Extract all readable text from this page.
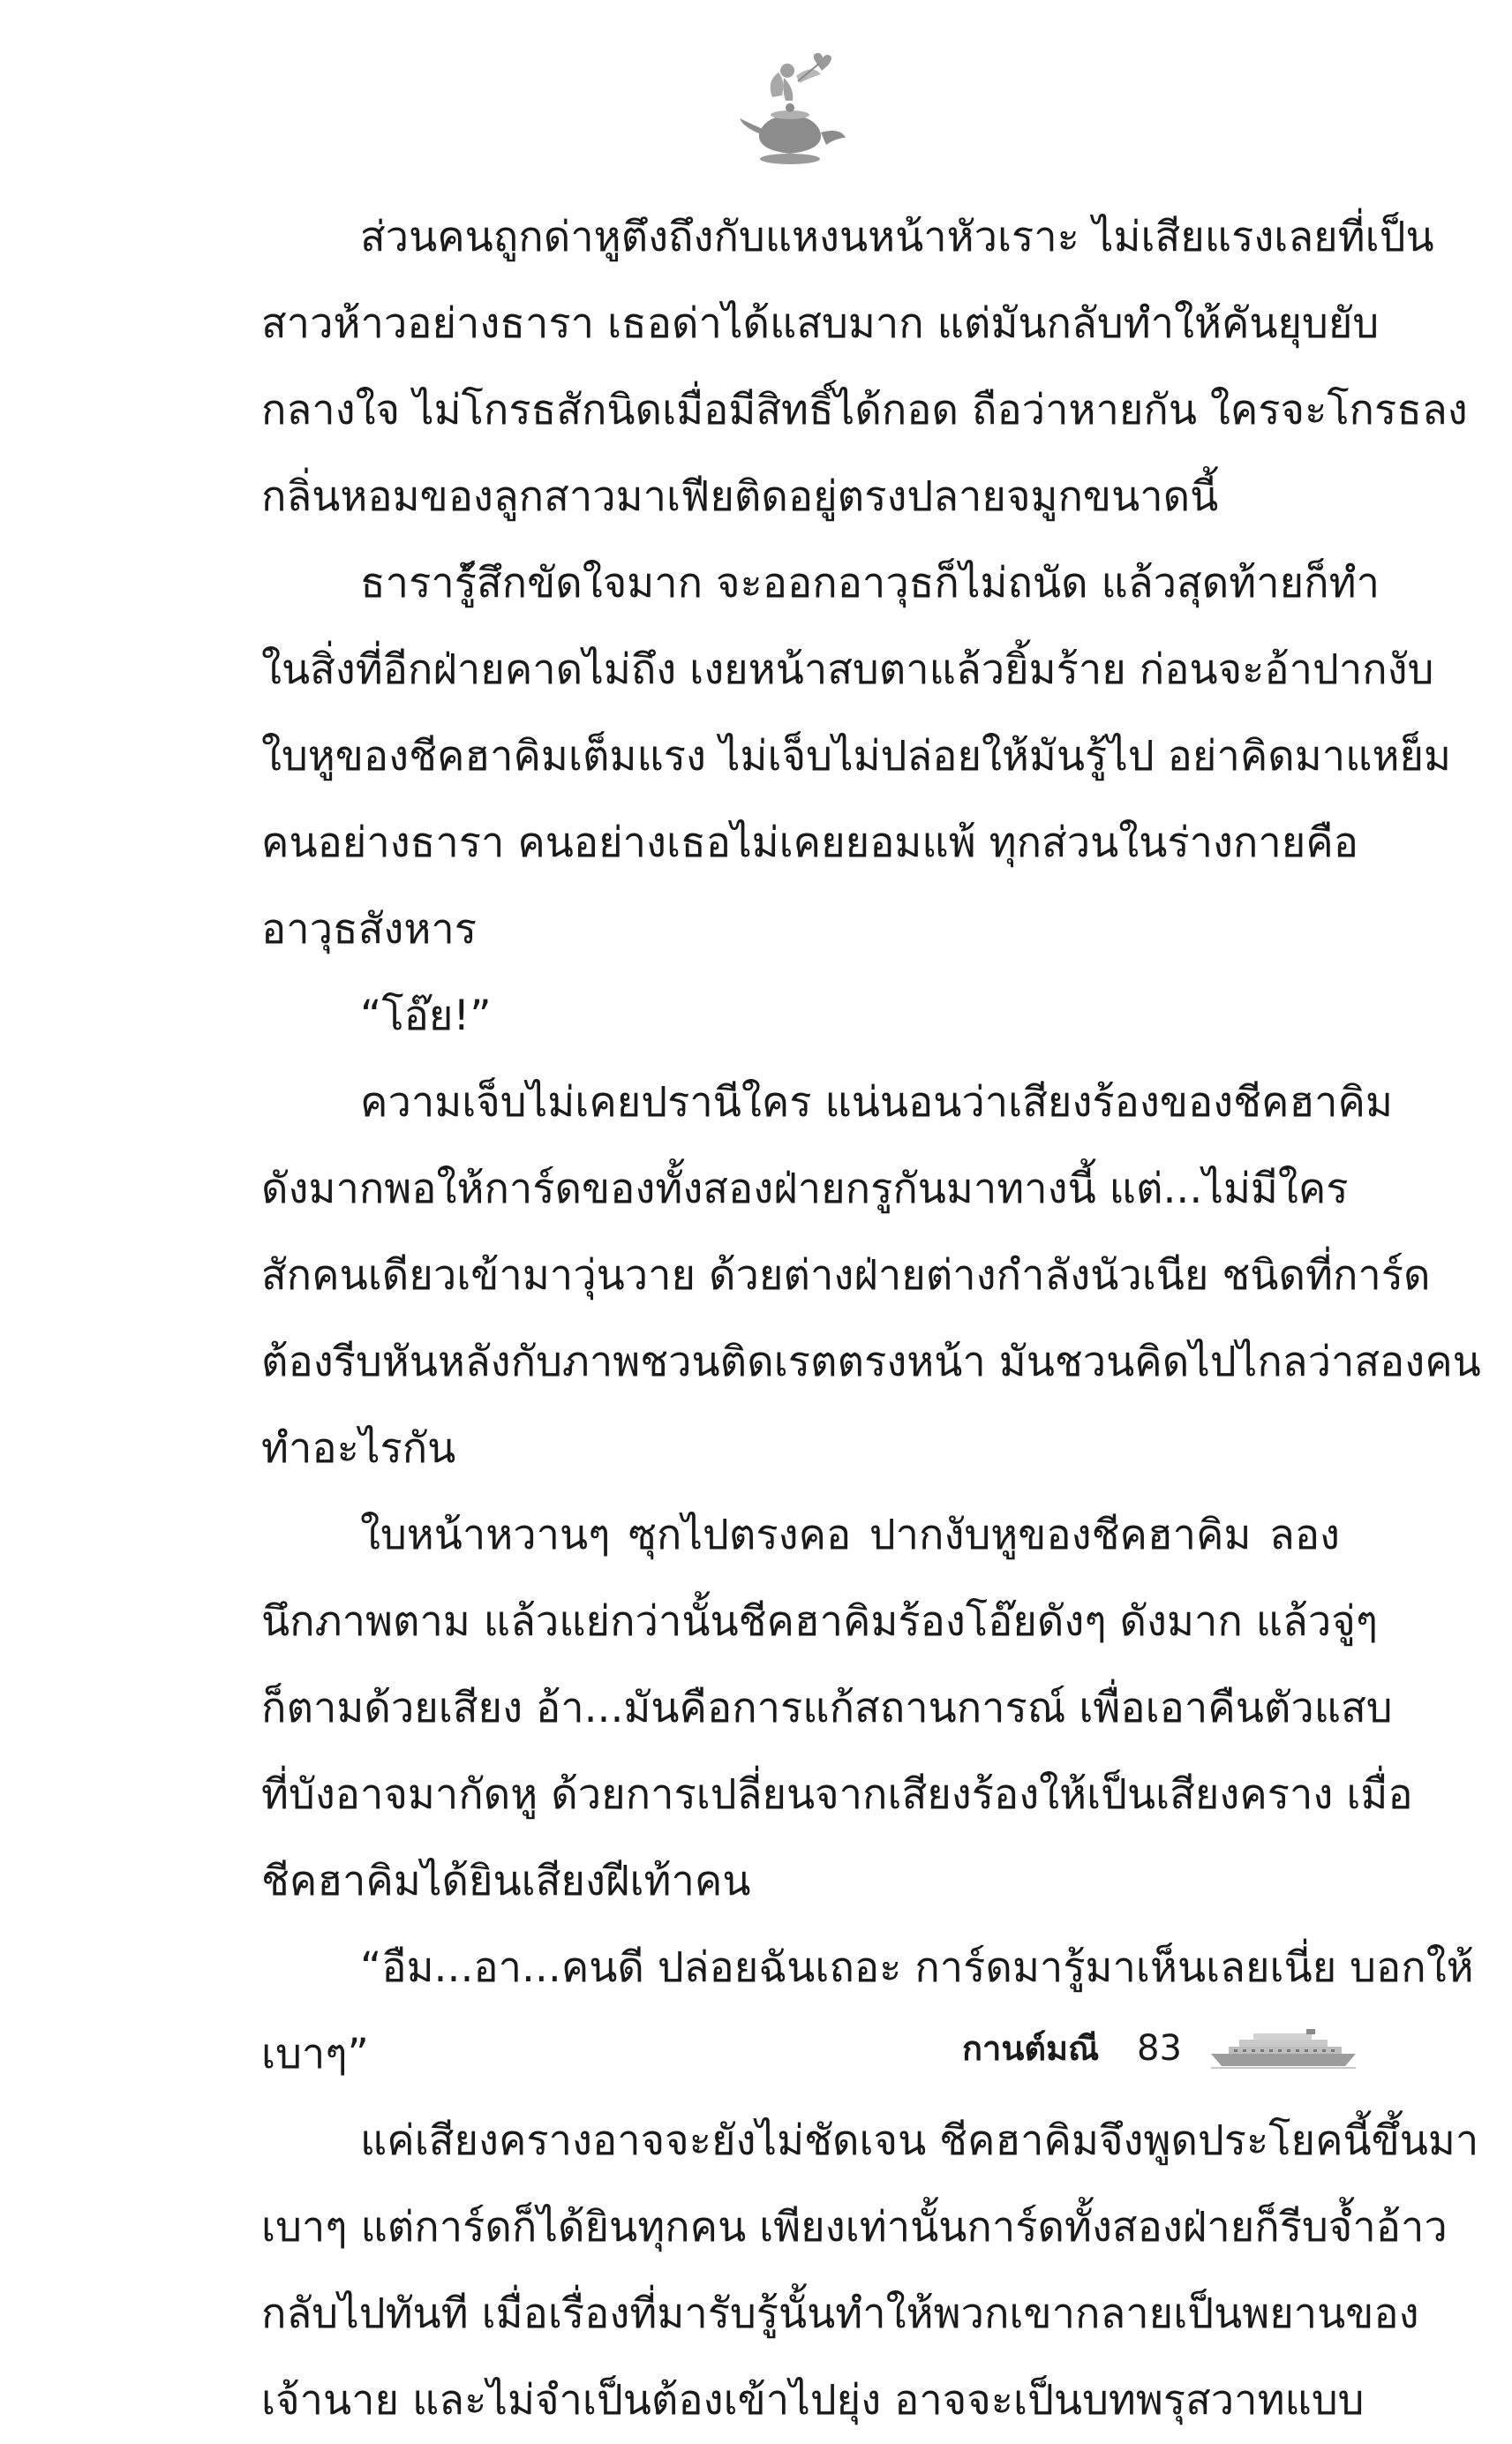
ส่วนคนถูกด่าหูตึงถึงกับแหงนหน้าหัวเราะ ไม่เสียแรงเลยที่เป็น
สาวห้าวอย่างธารา เธอด่าได้แสบมาก แต่มันกลับทำให้คันยุบยับ
กลางใจ ไม่โกรธสักนิดเมื่อมีสิทธิ์ได้กอด ถือว่าหายกัน ใครจะโกรธลง
กลิ่นหอมของลูกสาวมาเฟียติดอยู่ตรงปลายจมูกขนาดนี้
ธาราร์ู้สึกขัดใจมาก จะออกอาวุธก็ไม่ถนัด แล้วสุดท้ายก็ทำ
ในสิ่งที่อีกฝ่ายคาดไม่ถึง เงยหน้าสบตาแล้วยิ้มร้าย ก่อนจะอ้าปากงับ
ใบหูของชีคฮาคิมเต็มแรง ไม่เจ็บไม่ปล่อยให้มันรู้ไป อย่าคิดมาแหย็ม
คนอย่างธารา คนอย่างเธอไม่เคยยอมแพ้ ทุกส่วนในร่างกายคือ
อาวุธสังหาร
“โอ๊ย!”
ความเจ็บไม่เคยปรานีใคร แน่นอนว่าเสียงร้องของชีคฮาคิม
ดังมากพอให้การ์ดของทั้งสองฝ่ายกรูกันมาทางนี้ แต่...ไม่มีใคร
สักคนเดียวเข้ามาวุ่นวาย ด้วยต่างฝ่ายต่างกำลังนัวเนีย ชนิดที่การ์ด
ต้องรีบหันหลังกับภาพชวนติดเรตตรงหน้า มันชวนคิดไปไกลว่าสองคน
ทำอะไรกัน
ใบหน้าหวานๆ ซุกไปตรงคอ ปากงับหูของชีคฮาคิม ลอง
นึกภาพตาม แล้วแย่กว่านั้นชีคฮาคิมร้องโอ๊ยดังๆ ดังมาก แล้วจู่ๆ
ก็ตามด้วยเสียง อ้า...มันคือการแก้สถานการณ์ เพื่อเอาคืนตัวแสบ
ที่บังอาจมากัดหู ด้วยการเปลี่ยนจากเสียงร้องให้เป็นเสียงคราง เมื่อ
ชีคฮาคิมได้ยินเสียงฝีเท้าคน
“อืม...อา...คนดี ปล่อยฉันเถอะ การ์ดมารู้มาเห็นเลยเนี่ย บอกให้
เบาๆ”
แค่เสียงครางอาจจะยังไม่ชัดเจน ชีคฮาคิมจึงพูดประโยคนี้ขึ้นมา
เบาๆ แต่การ์ดก็ได้ยินทุกคน เพียงเท่านั้นการ์ดทั้งสองฝ่ายก็รีบจ้ำอ้าว
กลับไปทันที เมื่อเรื่องที่มารับรู้นั้นทำให้พวกเขากลายเป็นพยานของ
เจ้านาย และไม่จำเป็นต้องเข้าไปยุ่ง อาจจะเป็นบทพรุสวาทแบบ
กานต์มณี 83
